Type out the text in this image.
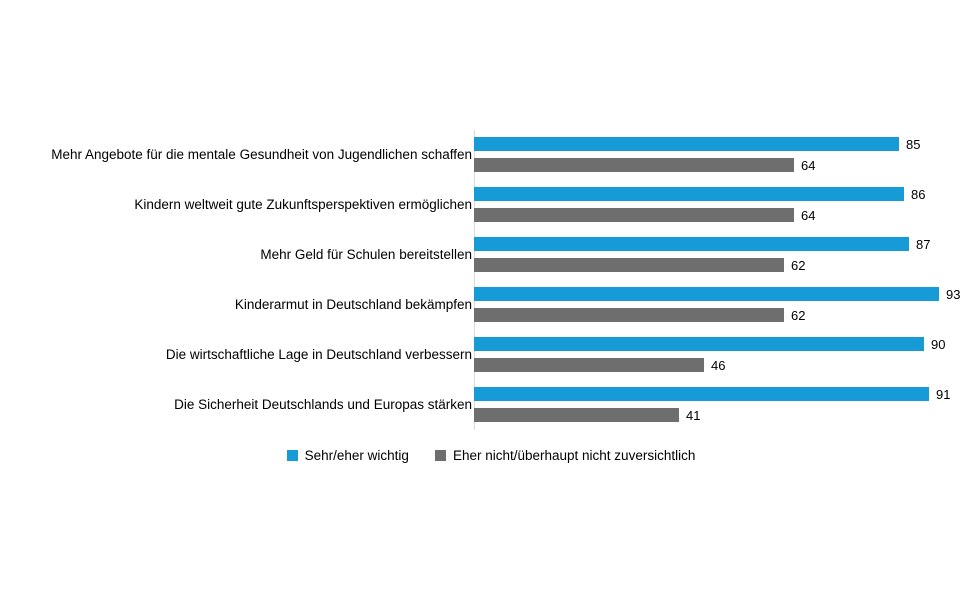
Mehr Angebote für die mentale Gesundheit von Jugendlichen schaffen
85
64
Kindern weltweit gute Zukunftsperspektiven ermöglichen
86
64
Mehr Geld für Schulen bereitstellen
87
62
Kinderarmut in Deutschland bekämpfen
93
62
Die wirtschaftliche Lage in Deutschland verbessern
90
46
Die Sicherheit Deutschlands und Europas stärken
91
41
Sehr/eher wichtig	Eher nicht/überhaupt nicht zuversichtlich
